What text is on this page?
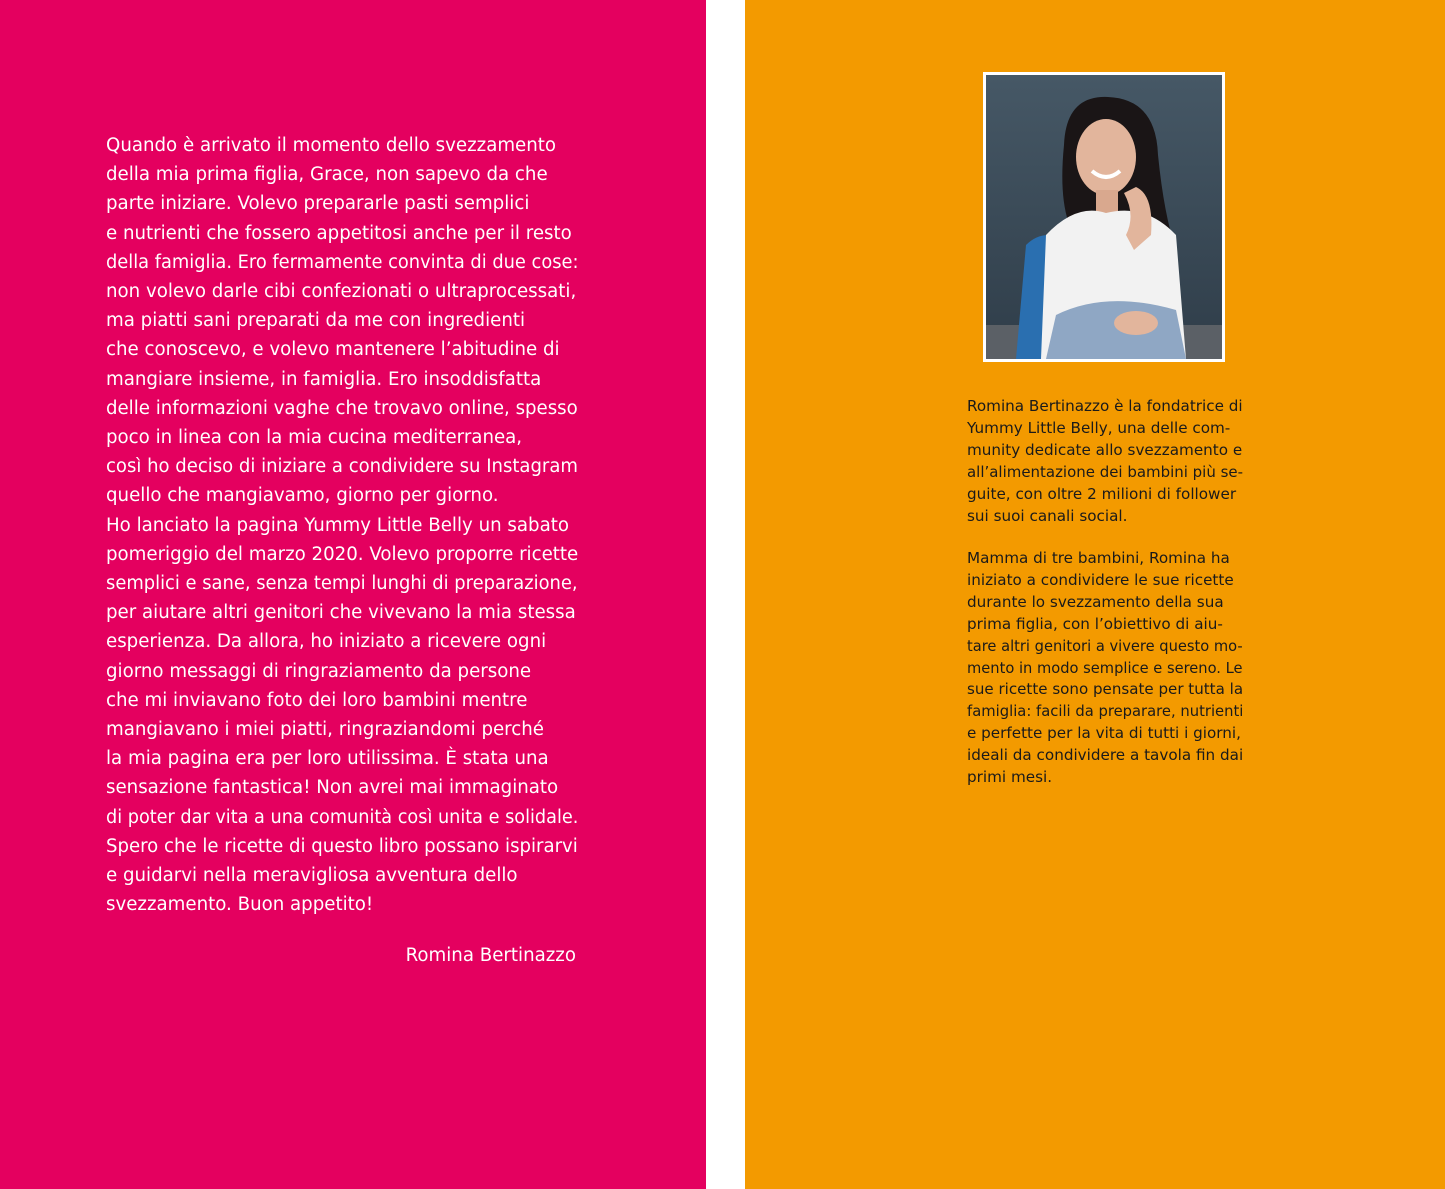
Quando è arrivato il momento dello svezzamento
della mia prima figlia, Grace, non sapevo da che
parte iniziare. Volevo prepararle pasti semplici
e nutrienti che fossero appetitosi anche per il resto
della famiglia. Ero fermamente convinta di due cose:
non volevo darle cibi confezionati o ultraprocessati,
ma piatti sani preparati da me con ingredienti
che conoscevo, e volevo mantenere l’abitudine di
mangiare insieme, in famiglia. Ero insoddisfatta
delle informazioni vaghe che trovavo online, spesso
poco in linea con la mia cucina mediterranea,
così ho deciso di iniziare a condividere su Instagram
quello che mangiavamo, giorno per giorno.
Ho lanciato la pagina Yummy Little Belly un sabato
pomeriggio del marzo 2020. Volevo proporre ricette
semplici e sane, senza tempi lunghi di preparazione,
per aiutare altri genitori che vivevano la mia stessa
esperienza. Da allora, ho iniziato a ricevere ogni
giorno messaggi di ringraziamento da persone
che mi inviavano foto dei loro bambini mentre
mangiavano i miei piatti, ringraziandomi perché
la mia pagina era per loro utilissima. È stata una
sensazione fantastica! Non avrei mai immaginato
di poter dar vita a una comunità così unita e solidale.
Spero che le ricette di questo libro possano ispirarvi
e guidarvi nella meravigliosa avventura dello
svezzamento. Buon appetito!
Romina Bertinazzo
Romina Bertinazzo è la fondatrice di
Yummy Little Belly, una delle com-
munity dedicate allo svezzamento e
all’alimentazione dei bambini più se-
guite, con oltre 2 milioni di follower
sui suoi canali social.
Mamma di tre bambini, Romina ha
iniziato a condividere le sue ricette
durante lo svezzamento della sua
prima figlia, con l’obiettivo di aiu-
tare altri genitori a vivere questo mo-
mento in modo semplice e sereno. Le
sue ricette sono pensate per tutta la
famiglia: facili da preparare, nutrienti
e perfette per la vita di tutti i giorni,
ideali da condividere a tavola fin dai
primi mesi.
